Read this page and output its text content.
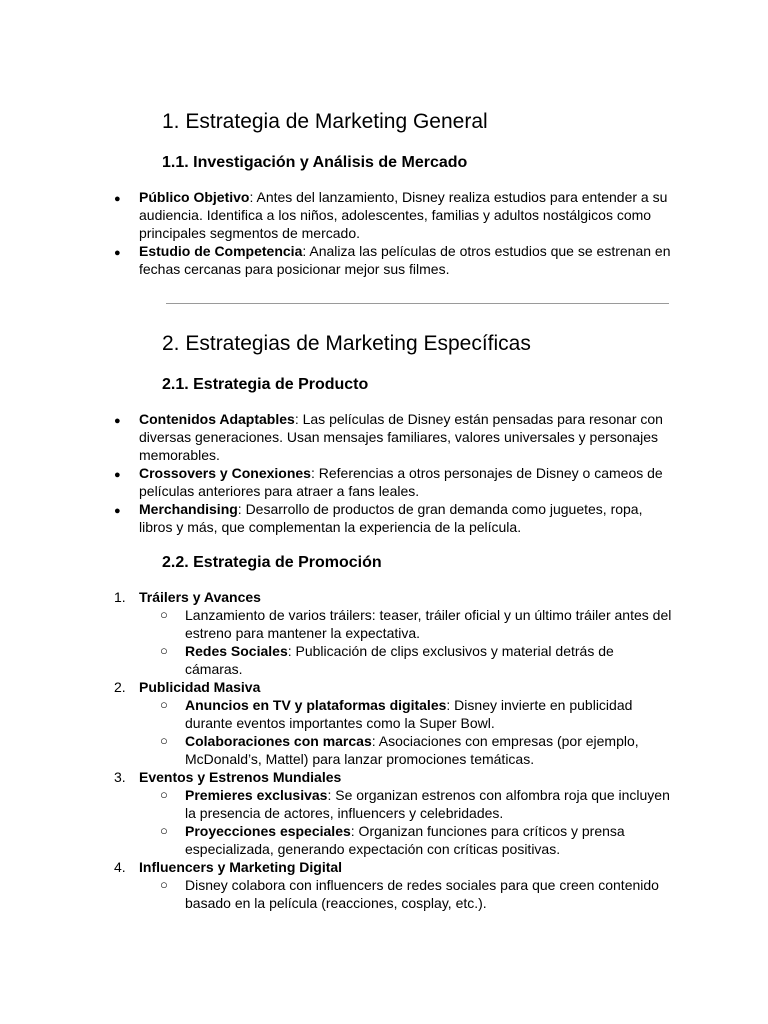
1. Estrategia de Marketing General
1.1. Investigación y Análisis de Mercado
●
Público Objetivo: Antes del lanzamiento, Disney realiza estudios para entender a su audiencia. Identifica a los niños, adolescentes, familias y adultos nostálgicos como principales segmentos de mercado.
●
Estudio de Competencia: Analiza las películas de otros estudios que se estrenan en fechas cercanas para posicionar mejor sus filmes.
2. Estrategias de Marketing Específicas
2.1. Estrategia de Producto
●
Contenidos Adaptables: Las películas de Disney están pensadas para resonar con diversas generaciones. Usan mensajes familiares, valores universales y personajes memorables.
●
Crossovers y Conexiones: Referencias a otros personajes de Disney o cameos de películas anteriores para atraer a fans leales.
●
Merchandising: Desarrollo de productos de gran demanda como juguetes, ropa, libros y más, que complementan la experiencia de la película.
2.2. Estrategia de Promoción
1. Tráilers y Avances
○ Lanzamiento de varios tráilers: teaser, tráiler oficial y un último tráiler antes del estreno para mantener la expectativa.
○ Redes Sociales: Publicación de clips exclusivos y material detrás de cámaras.
2. Publicidad Masiva
○ Anuncios en TV y plataformas digitales: Disney invierte en publicidad durante eventos importantes como la Super Bowl.
○ Colaboraciones con marcas: Asociaciones con empresas (por ejemplo, McDonald’s, Mattel) para lanzar promociones temáticas.
3. Eventos y Estrenos Mundiales
○ Premieres exclusivas: Se organizan estrenos con alfombra roja que incluyen la presencia de actores, influencers y celebridades.
○ Proyecciones especiales: Organizan funciones para críticos y prensa especializada, generando expectación con críticas positivas.
4. Influencers y Marketing Digital
○ Disney colabora con influencers de redes sociales para que creen contenido basado en la película (reacciones, cosplay, etc.).
